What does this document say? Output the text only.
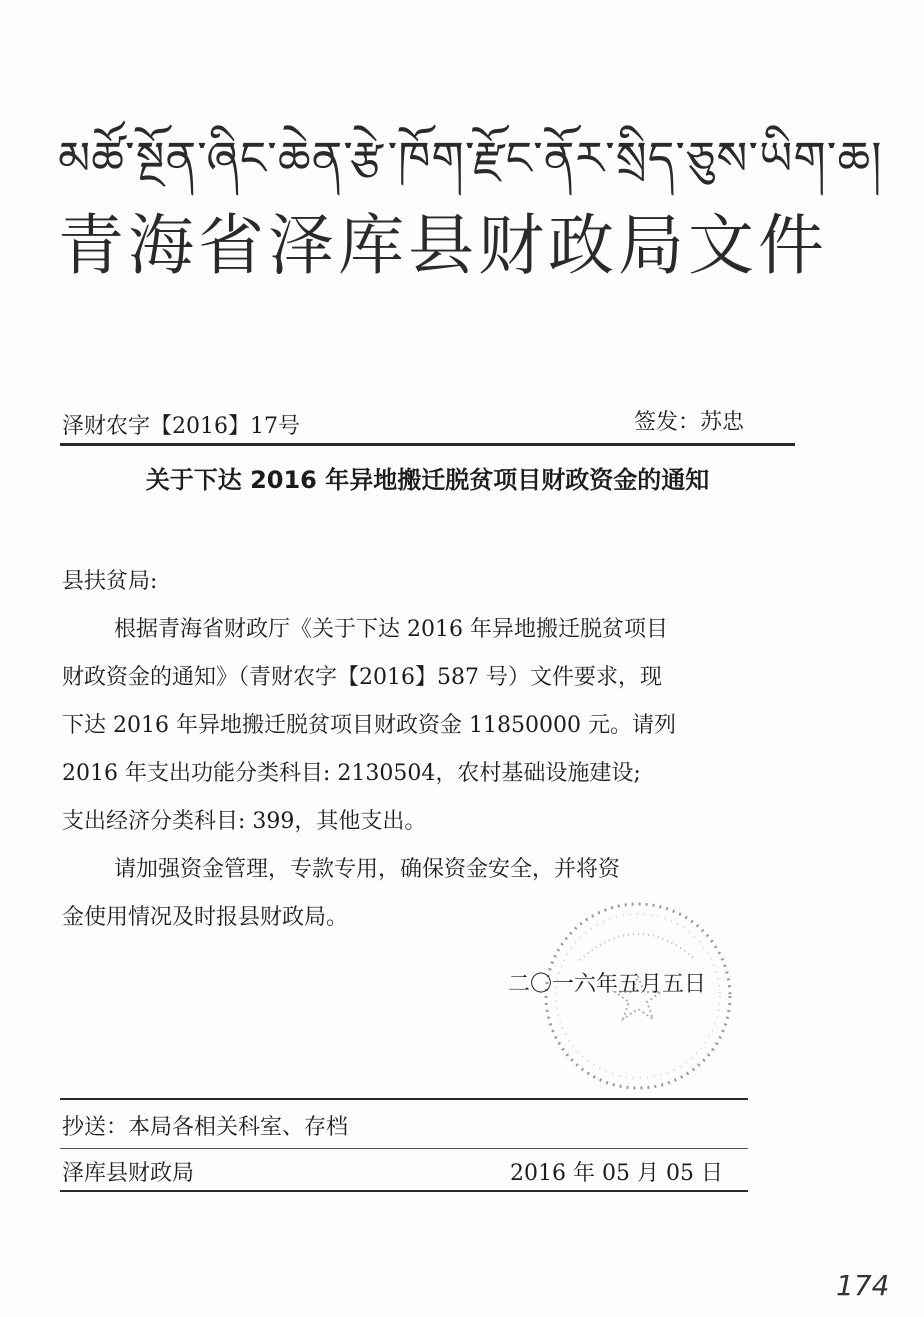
མཚོ་སྔོན་ཞིང་ཆེན་རྩེ་ཁོག་རྫོང་ནོར་སྲིད་ཅུས་ཡིག་ཆ།
青海省泽库县财政局文件
泽财农字【2016】17号	签发：苏忠
关于下达 2016 年异地搬迁脱贫项目财政资金的通知

县扶贫局:

根据青海省财政厅《关于下达 2016 年异地搬迁脱贫项目

财政资金的通知》（青财农字【2016】587 号）文件要求，现

下达 2016 年异地搬迁脱贫项目财政资金 11850000 元。请列

2016 年支出功能分类科目: 2130504，农村基础设施建设;

支出经济分类科目: 399，其他支出。

请加强资金管理，专款专用，确保资金安全，并将资

金使用情况及时报县财政局。

二〇一六年五月五日
抄送：本局各相关科室、存档
泽库县财政局	2016 年 05 月 05 日
174
